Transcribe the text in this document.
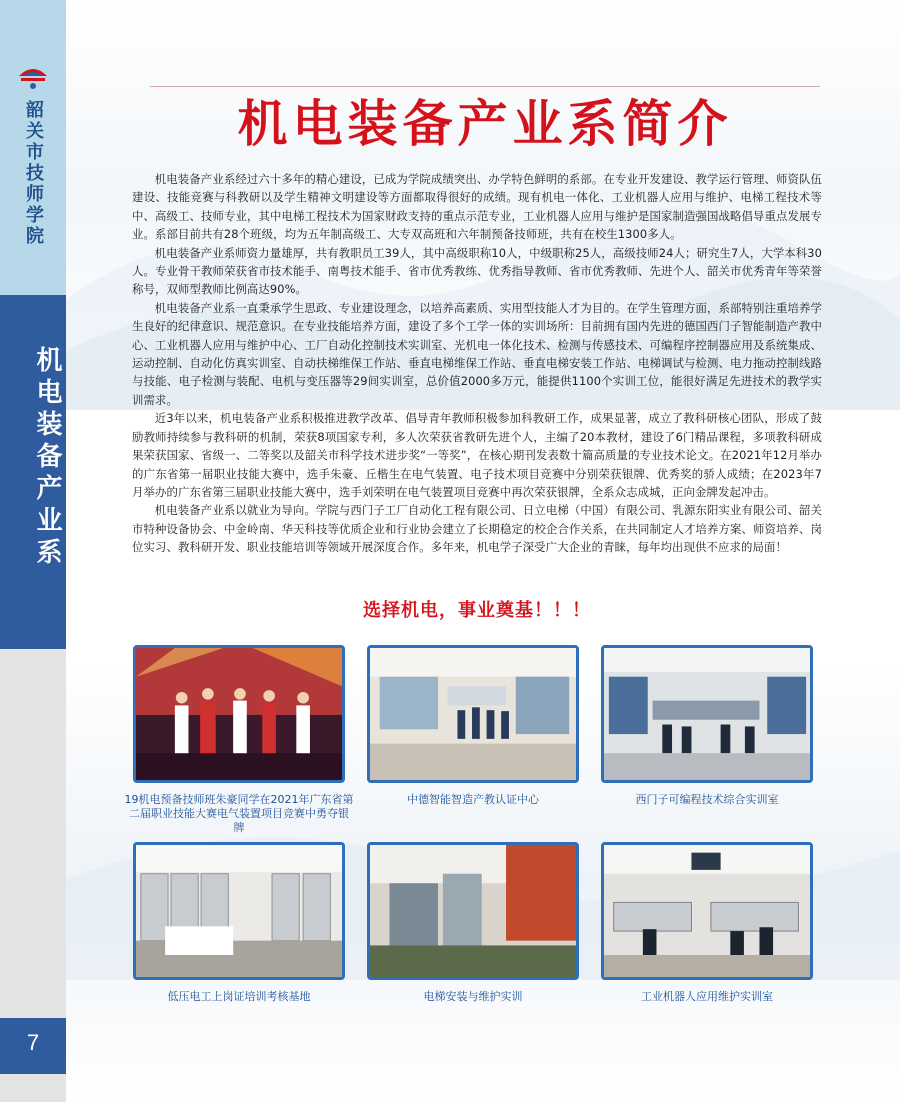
韶关市技师学院
机电装备产业系
7
机电装备产业系简介

机电装备产业系经过六十多年的精心建设，已成为学院成绩突出、办学特色鲜明的系部。在专业开发建设、教学运行管理、师资队伍建设、技能竞赛与科教研以及学生精神文明建设等方面都取得很好的成绩。现有机电一体化、工业机器人应用与维护、电梯工程技术等中、高级工、技师专业，其中电梯工程技术为国家财政支持的重点示范专业，工业机器人应用与维护是国家制造强国战略倡导重点发展专业。系部目前共有28个班级，均为五年制高级工、大专双高班和六年制预备技师班，共有在校生1300多人。

机电装备产业系师资力量雄厚，共有教职员工39人，其中高级职称10人，中级职称25人，高级技师24人；研究生7人，大学本科30人。专业骨干教师荣获省市技术能手、南粤技术能手、省市优秀教练、优秀指导教师、省市优秀教师、先进个人、韶关市优秀青年等荣誉称号，双师型教师比例高达90%。

机电装备产业系一直秉承学生思政、专业建设理念，以培养高素质、实用型技能人才为目的。在学生管理方面，系部特别注重培养学生良好的纪律意识、规范意识。在专业技能培养方面，建设了多个工学一体的实训场所：目前拥有国内先进的德国西门子智能制造产教中心、工业机器人应用与维护中心、工厂自动化控制技术实训室、光机电一体化技术、检测与传感技术、可编程序控制器应用及系统集成、运动控制、自动化仿真实训室、自动扶梯维保工作站、垂直电梯维保工作站、垂直电梯安装工作站、电梯调试与检测、电力拖动控制线路与技能、电子检测与装配、电机与变压器等29间实训室，总价值2000多万元，能提供1100个实训工位，能很好满足先进技术的教学实训需求。

近3年以来，机电装备产业系积极推进教学改革、倡导青年教师积极参加科教研工作，成果显著，成立了教科研核心团队，形成了鼓励教师持续参与教科研的机制，荣获8项国家专利，多人次荣获省教研先进个人，主编了20本教材，建设了6门精品课程，多项教科研成果荣获国家、省级一、二等奖以及韶关市科学技术进步奖“一等奖”，在核心期刊发表数十篇高质量的专业技术论文。在2021年12月举办的广东省第一届职业技能大赛中，选手朱豪、丘楷生在电气装置、电子技术项目竞赛中分别荣获银牌、优秀奖的骄人成绩；在2023年7月举办的广东省第三届职业技能大赛中，选手刘荣明在电气装置项目竞赛中再次荣获银牌，全系众志成城，正向金牌发起冲击。

机电装备产业系以就业为导向。学院与西门子工厂自动化工程有限公司、日立电梯（中国）有限公司、乳源东阳实业有限公司、韶关市特种设备协会、中金岭南、华天科技等优质企业和行业协会建立了长期稳定的校企合作关系，在共同制定人才培养方案、师资培养、岗位实习、教科研开发、职业技能培训等领域开展深度合作。多年来，机电学子深受广大企业的青睐，每年均出现供不应求的局面！

选择机电，事业奠基！！！
19机电预备技师班朱豪同学在2021年广东省第二届职业技能大赛电气装置项目竞赛中勇夺银牌
中德智能智造产教认证中心	西门子可编程技术综合实训室
低压电工上岗证培训考核基地	电梯安装与维护实训	工业机器人应用维护实训室
